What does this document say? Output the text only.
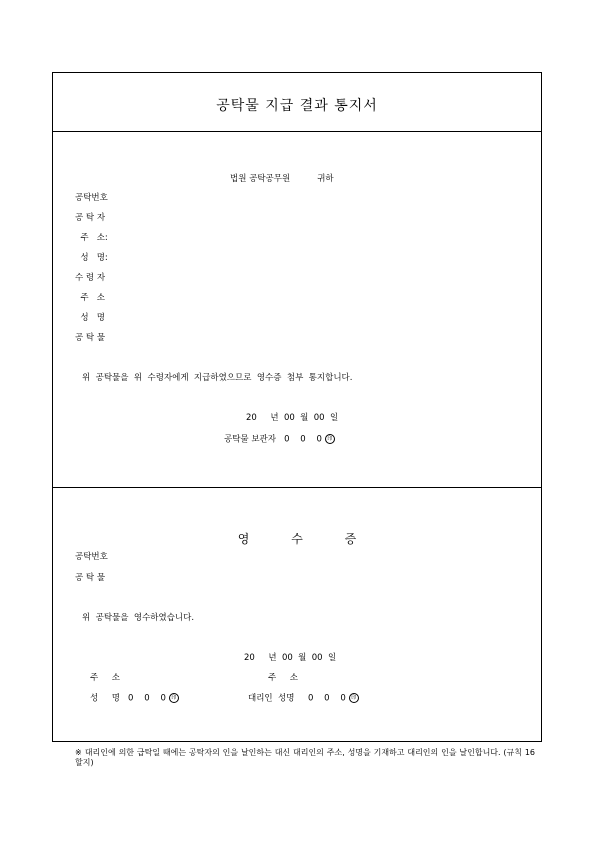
공탁물 지급 결과 통지서
영 수 증
법원 공탁공무원          귀하
공탁번호
공 탁 자
주   소:
성   명:
수 령 자
주   소
성   명
공 탁 물
위  공탁물을  위  수령자에게  지급하였으므로  영수증  첨부  통지합니다.
20     년  00  월  00  일
공탁물 보관자   0    0    0 印
공탁번호
공 탁 물
위  공탁물을  영수하였습니다.
20     년  00  월  00  일
주     소	주     소
성     명   0    0    0 印	대리인  성명     0    0    0 印
※ 대리인에 의한 급탁일 때에는 공탁자의 인을 날인하는 대신 대리인의 주소, 성명을 기재하고 대리인의 인을 날인합니다. (규칙 16할지)
